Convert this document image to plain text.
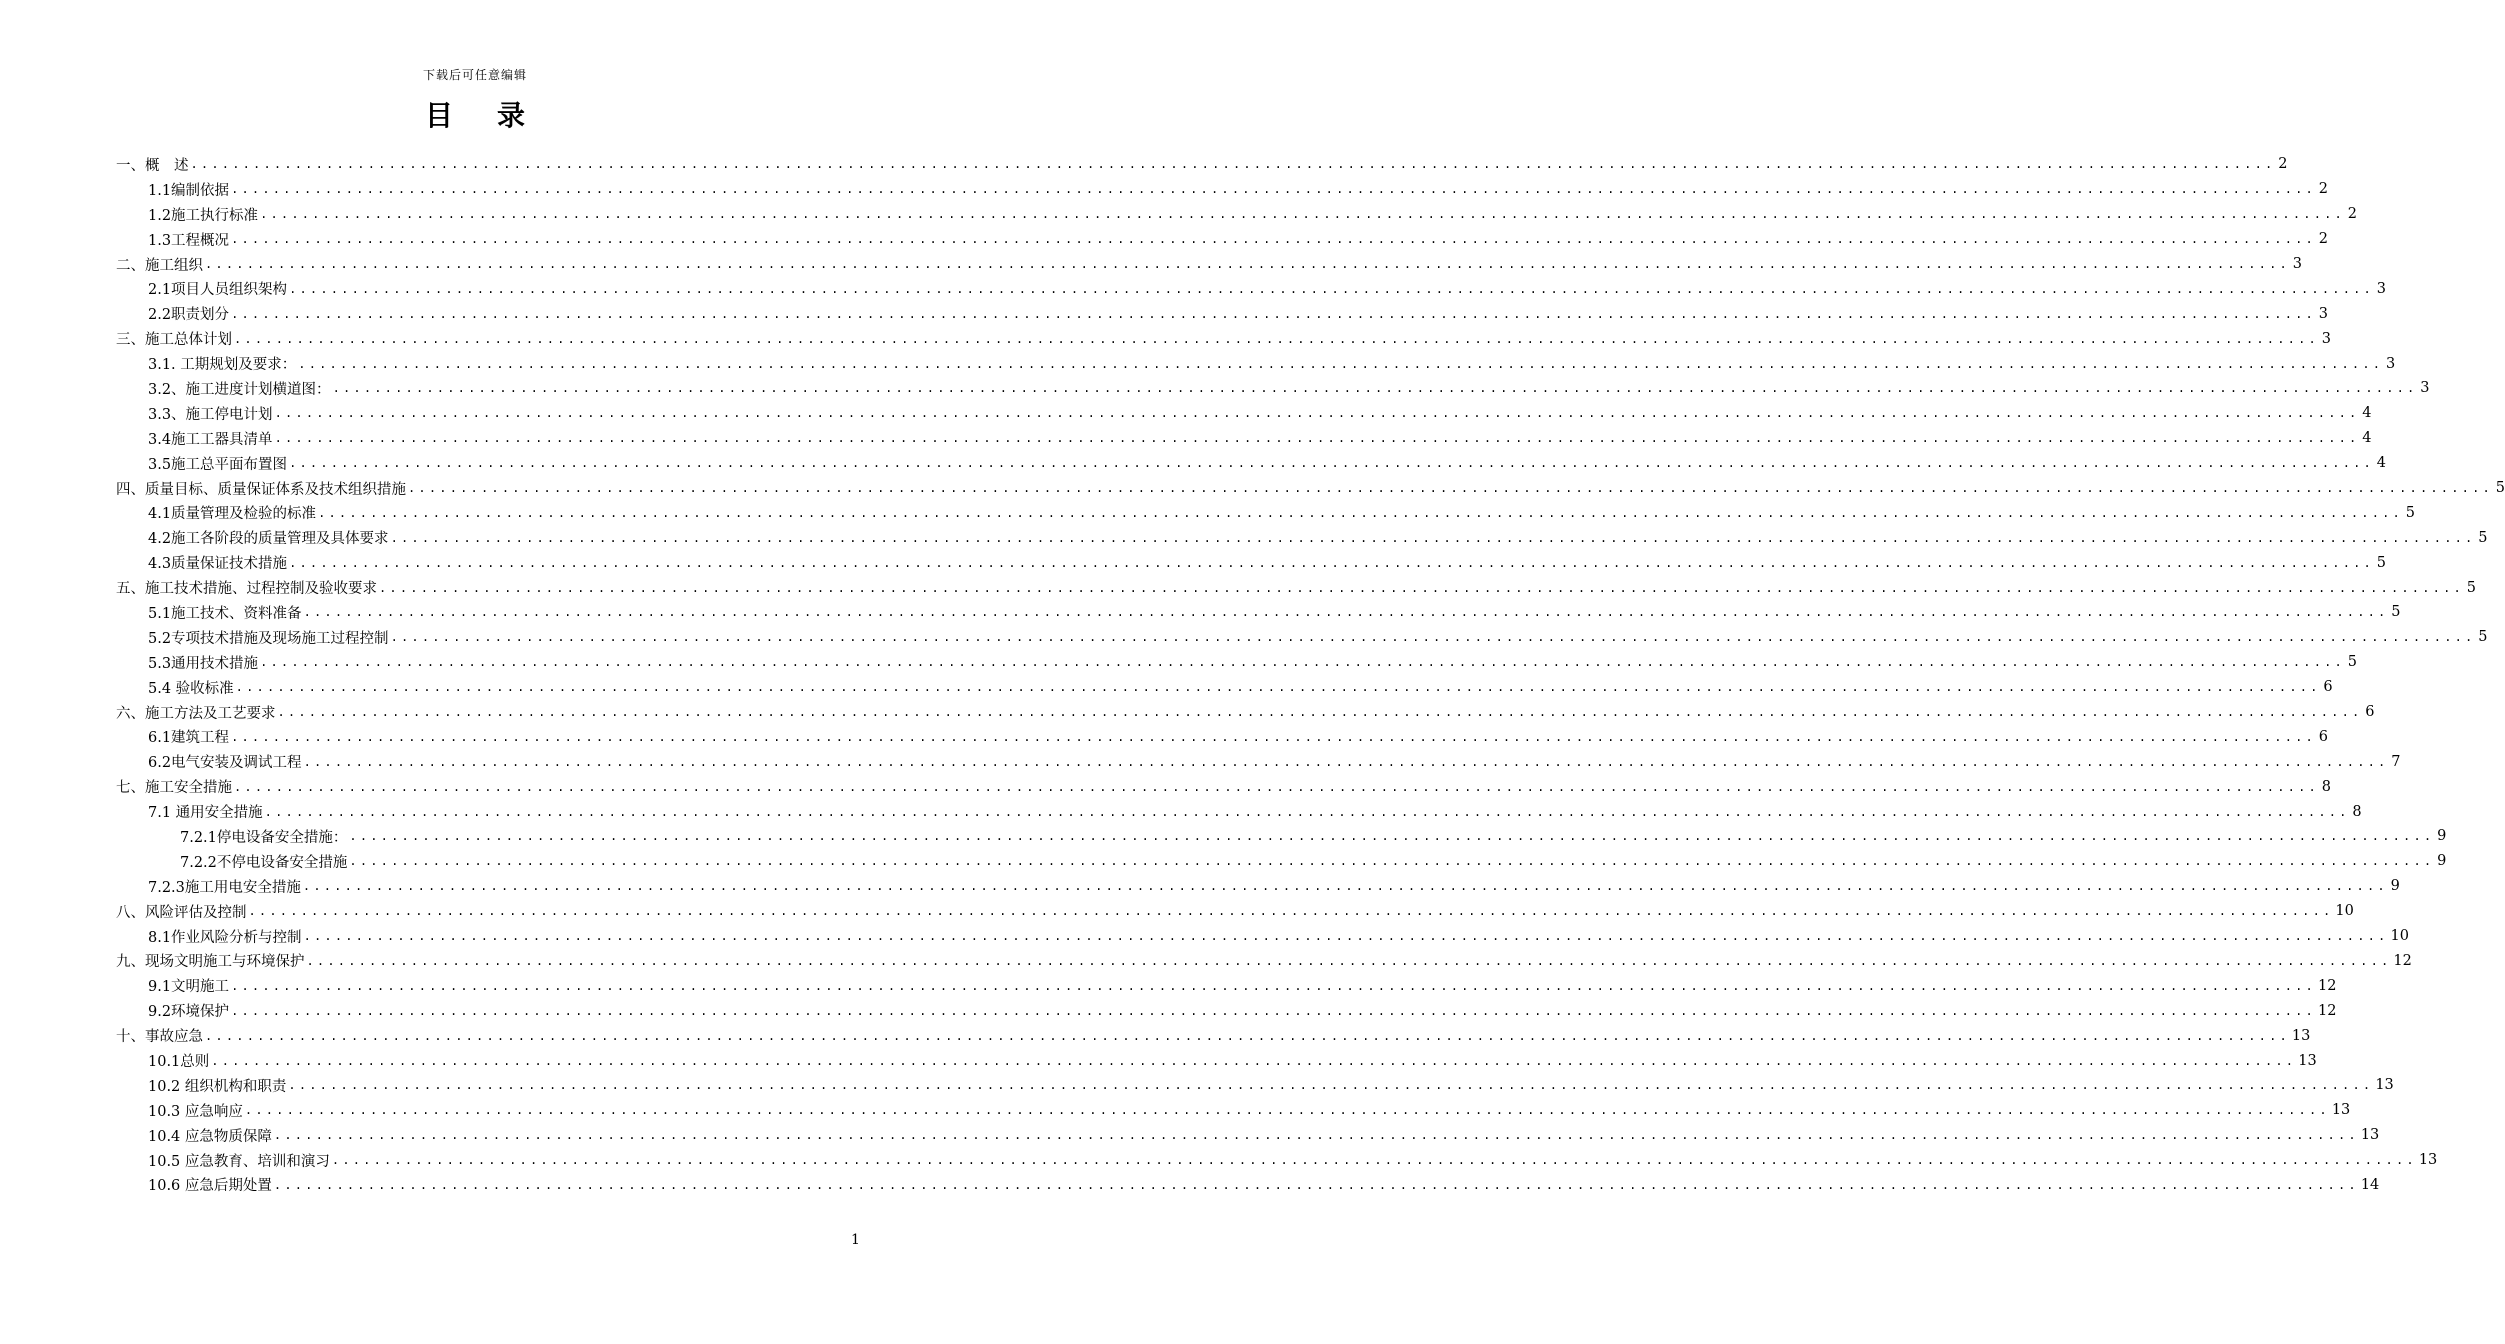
下载后可任意编辑
目 录
一、概　述 ........................................................................................................................................................................................................ 2
1.1编制依据 ........................................................................................................................................................................................................ 2
1.2施工执行标准 ........................................................................................................................................................................................................ 2
1.3工程概况 ........................................................................................................................................................................................................ 2
二、施工组织 ........................................................................................................................................................................................................ 3
2.1项目人员组织架构 ........................................................................................................................................................................................................ 3
2.2职责划分 ........................................................................................................................................................................................................ 3
三、施工总体计划 ........................................................................................................................................................................................................ 3
3.1. 工期规划及要求： ........................................................................................................................................................................................................ 3
3.2、施工进度计划横道图： ........................................................................................................................................................................................................ 3
3.3、施工停电计划 ........................................................................................................................................................................................................ 4
3.4施工工器具清单 ........................................................................................................................................................................................................ 4
3.5施工总平面布置图 ........................................................................................................................................................................................................ 4
四、质量目标、质量保证体系及技术组织措施 ........................................................................................................................................................................................................ 5
4.1质量管理及检验的标准 ........................................................................................................................................................................................................ 5
4.2施工各阶段的质量管理及具体要求 ........................................................................................................................................................................................................ 5
4.3质量保证技术措施 ........................................................................................................................................................................................................ 5
五、施工技术措施、过程控制及验收要求 ........................................................................................................................................................................................................ 5
5.1施工技术、资料准备 ........................................................................................................................................................................................................ 5
5.2专项技术措施及现场施工过程控制 ........................................................................................................................................................................................................ 5
5.3通用技术措施 ........................................................................................................................................................................................................ 5
5.4 验收标准 ........................................................................................................................................................................................................ 6
六、施工方法及工艺要求 ........................................................................................................................................................................................................ 6
6.1建筑工程 ........................................................................................................................................................................................................ 6
6.2电气安装及调试工程 ........................................................................................................................................................................................................ 7
七、施工安全措施 ........................................................................................................................................................................................................ 8
7.1 通用安全措施 ........................................................................................................................................................................................................ 8
7.2.1停电设备安全措施： ........................................................................................................................................................................................................ 9
7.2.2不停电设备安全措施 ........................................................................................................................................................................................................ 9
7.2.3施工用电安全措施 ........................................................................................................................................................................................................ 9
八、风险评估及控制 ........................................................................................................................................................................................................ 10
8.1作业风险分析与控制 ........................................................................................................................................................................................................ 10
九、现场文明施工与环境保护 ........................................................................................................................................................................................................ 12
9.1文明施工 ........................................................................................................................................................................................................ 12
9.2环境保护 ........................................................................................................................................................................................................ 12
十、事故应急 ........................................................................................................................................................................................................ 13
10.1总则 ........................................................................................................................................................................................................ 13
10.2 组织机构和职责 ........................................................................................................................................................................................................ 13
10.3 应急响应 ........................................................................................................................................................................................................ 13
10.4 应急物质保障 ........................................................................................................................................................................................................ 13
10.5 应急教育、培训和演习 ........................................................................................................................................................................................................ 13
10.6 应急后期处置 ........................................................................................................................................................................................................ 14
1
